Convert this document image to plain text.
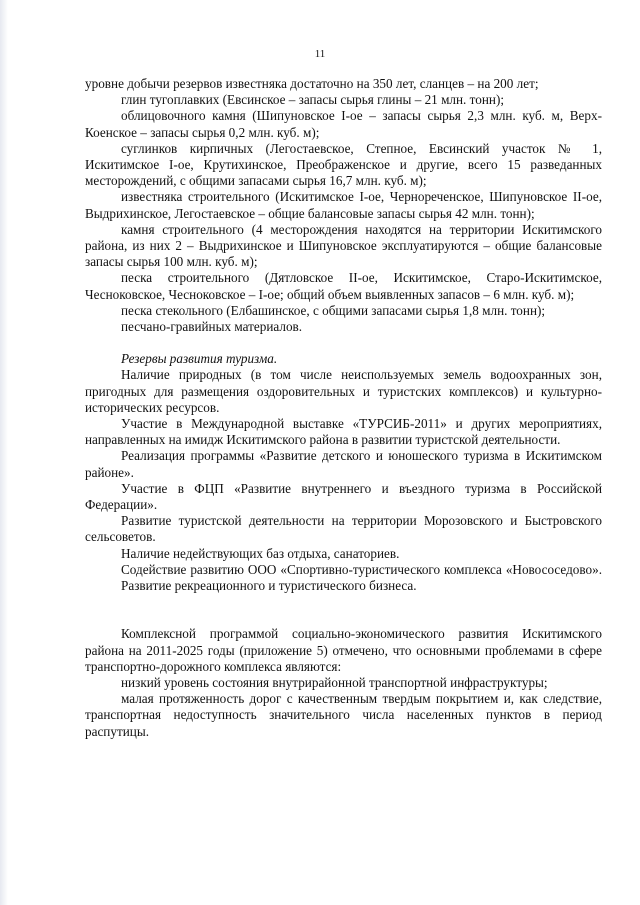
11

уровне добычи резервов известняка достаточно на 350 лет, сланцев – на 200 лет;

глин тугоплавких (Евсинское – запасы сырья глины – 21 млн. тонн);

облицовочного камня (Шипуновское I-ое – запасы сырья 2,3 млн. куб. м, Верх-Коенское – запасы сырья 0,2 млн. куб. м);

суглинков кирпичных (Легостаевское, Степное, Евсинский участок № 1, Искитимское I-ое, Крутихинское, Преображенское и другие, всего 15 разведанных месторождений, с общими запасами сырья 16,7 млн. куб. м);

известняка строительного (Искитимское I-ое, Чернореченское, Шипуновское II-ое, Выдрихинское, Легостаевское – общие балансовые запасы сырья 42 млн. тонн);

камня строительного (4 месторождения находятся на территории Искитимского района, из них 2 – Выдрихинское и Шипуновское эксплуатируются – общие балансовые запасы сырья 100 млн. куб. м);

песка строительного (Дятловское II-ое, Искитимское, Старо-Искитимское, Чесноковское, Чесноковское – I-ое; общий объем выявленных запасов – 6 млн. куб. м);

песка стекольного (Елбашинское, с общими запасами сырья 1,8 млн. тонн);

песчано-гравийных материалов.

Резервы развития туризма.

Наличие природных (в том числе неиспользуемых земель водоохранных зон, пригодных для размещения оздоровительных и туристских комплексов) и культурно-исторических ресурсов.

Участие в Международной выставке «ТУРСИБ-2011» и других мероприятиях, направленных на имидж Искитимского района в развитии туристской деятельности.

Реализация программы «Развитие детского и юношеского туризма в Искитимском районе».

Участие в ФЦП «Развитие внутреннего и въездного туризма в Российской Федерации».

Развитие туристской деятельности на территории Морозовского и Быстровского сельсоветов.

Наличие недействующих баз отдыха, санаториев.

Содействие развитию ООО «Спортивно-туристического комплекса «Новососедово».

Развитие рекреационного и туристического бизнеса.

Комплексной программой социально-экономического развития Искитимского района на 2011-2025 годы (приложение 5) отмечено, что основными проблемами в сфере транспортно-дорожного комплекса являются:

низкий уровень состояния внутрирайонной транспортной инфраструктуры;

малая протяженность дорог с качественным твердым покрытием и, как следствие, транспортная недоступность значительного числа населенных пунктов в период распутицы.
